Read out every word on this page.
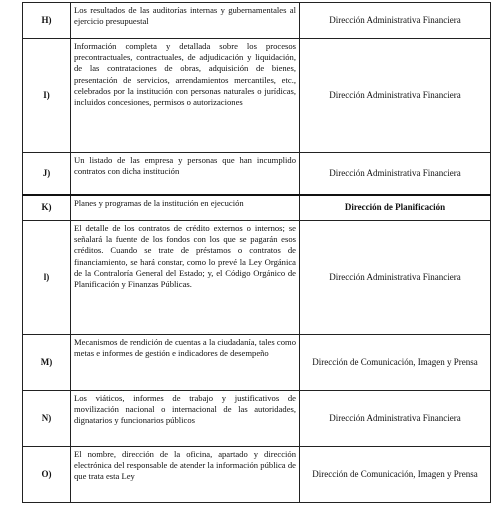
H)	Los resultados de las auditorías internas y gubernamentales al ejercicio presupuestal	Dirección Administrativa Financiera
I)	Información completa y detallada sobre los procesos precontractuales, contractuales, de adjudicación y liquidación, de las contrataciones de obras, adquisición de bienes, presentación de servicios, arrendamientos mercantiles, etc., celebrados por la institución con personas naturales o jurídicas, incluidos concesiones, permisos o autorizaciones	Dirección Administrativa Financiera
J)	Un listado de las empresa y personas que han incumplido contratos con dicha institución	Dirección Administrativa Financiera
K)	Planes y programas de la institución en ejecución	Dirección de Planificación
l)	El detalle de los contratos de crédito externos o internos; se señalará la fuente de los fondos con los que se pagarán esos créditos. Cuando se trate de préstamos o contratos de financiamiento, se hará constar, como lo prevé la Ley Orgánica de la Contraloría General del Estado; y, el Código Orgánico de Planificación y Finanzas Públicas.	Dirección Administrativa Financiera
M)	Mecanismos de rendición de cuentas a la ciudadanía, tales como metas e informes de gestión e indicadores de desempeño	Dirección de Comunicación, Imagen y Prensa
N)	Los viáticos, informes de trabajo y justificativos de movilización nacional o internacional de las autoridades, dignatarios y funcionarios públicos	Dirección Administrativa Financiera
O)	El nombre, dirección de la oficina, apartado y dirección electrónica del responsable de atender la información pública de que trata esta Ley	Dirección de Comunicación, Imagen y Prensa
